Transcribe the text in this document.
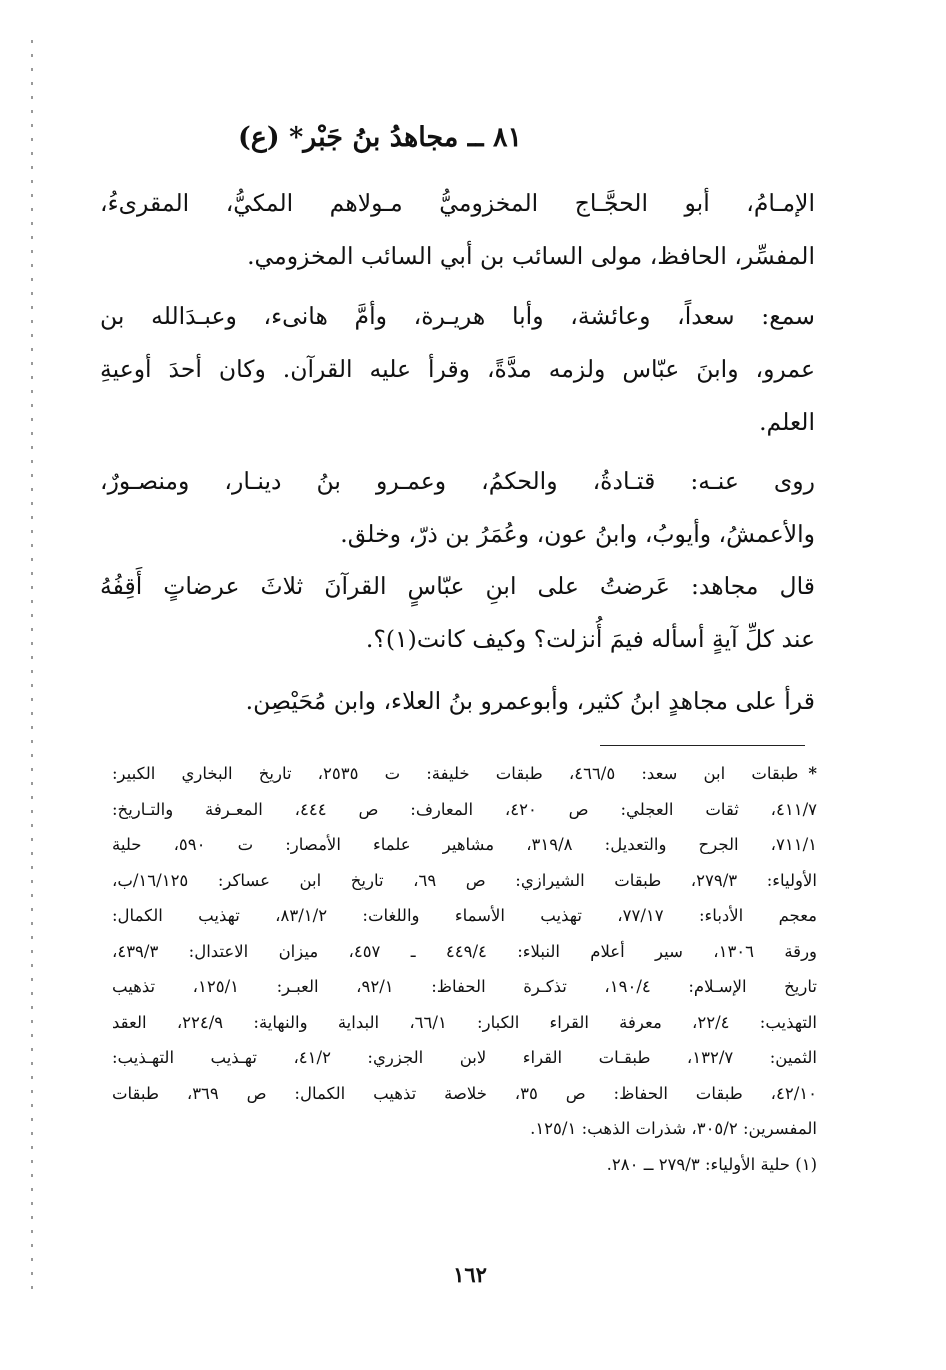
٨١ ــ مجاهدُ بنُ جَبْر* (ع)
الإمـامُ، أبو الحجَّـاج المخزوميُّ مـولاهم المكيُّ، المقرىءُ،
المفسِّر، الحافظ، مولى السائب بن أبي السائب المخزومي.
سمع: سعداً، وعائشة، وأبا هريـرة، وأمَّ هانىء، وعبـدَالله بن
عمرو، وابنَ عبّاس ولزمه مدَّةً، وقرأ عليه القرآن. وكان أحدَ أوعيةِ
العلم.
روى عنـه: قتـادةُ، والحكمُ، وعمـرو بنُ دينـار، ومنصـورٌ،
والأعمشُ، وأيوبُ، وابنُ عون، وعُمَرُ بن ذرّ، وخلق.
قال مجاهد: عَرضتُ على ابنِ عبّاسٍ القرآنَ ثلاثَ عرضاتٍ أَقِفُهُ
عند كلِّ آيةٍ أسأله فيمَ أُنزلت؟ وكيف كانت(١)؟.
قرأ على مجاهدٍ ابنُ كثير، وأبوعمرو بنُ العلاء، وابن مُحَيْصِن.
*طبقات ابن سعد: ٤٦٦/٥، طبقات خليفة: ت ٢٥٣٥، تاريخ البخاري الكبير:
٤١١/٧، ثقات العجلي: ص ٤٢٠، المعارف: ص ٤٤٤، المعـرفة والتـاريخ:
٧١١/١، الجرح والتعديل: ٣١٩/٨، مشاهير علماء الأمصار: ت ٥٩٠، حلية
الأولياء: ٢٧٩/٣، طبقات الشيرازي: ص ٦٩، تاريخ ابن عساكر: ١٦/١٢٥/ب،
معجم الأدباء: ٧٧/١٧، تهذيب الأسماء واللغات: ٨٣/١/٢، تهذيب الكمال:
ورقة ١٣٠٦، سير أعلام النبلاء: ٤٤٩/٤ ـ ٤٥٧، ميزان الاعتدال: ٤٣٩/٣،
تاريخ الإسـلام: ١٩٠/٤، تذكـرة الحفاظ: ٩٢/١، العبـر: ١٢٥/١، تذهيب
التهذيب: ٢٢/٤، معرفة القراء الكبار: ٦٦/١، البداية والنهاية: ٢٢٤/٩، العقد
الثمين: ١٣٢/٧، طبقـات القراء لابن الجزري: ٤١/٢، تهـذيب التهـذيب:
٤٢/١٠، طبقات الحفاظ: ص ٣٥، خلاصة تذهيب الكمال: ص ٣٦٩، طبقات
المفسرين: ٣٠٥/٢، شذرات الذهب: ١٢٥/١.
(١) حلية الأولياء: ٢٧٩/٣ ــ ٢٨٠.
١٦٢
